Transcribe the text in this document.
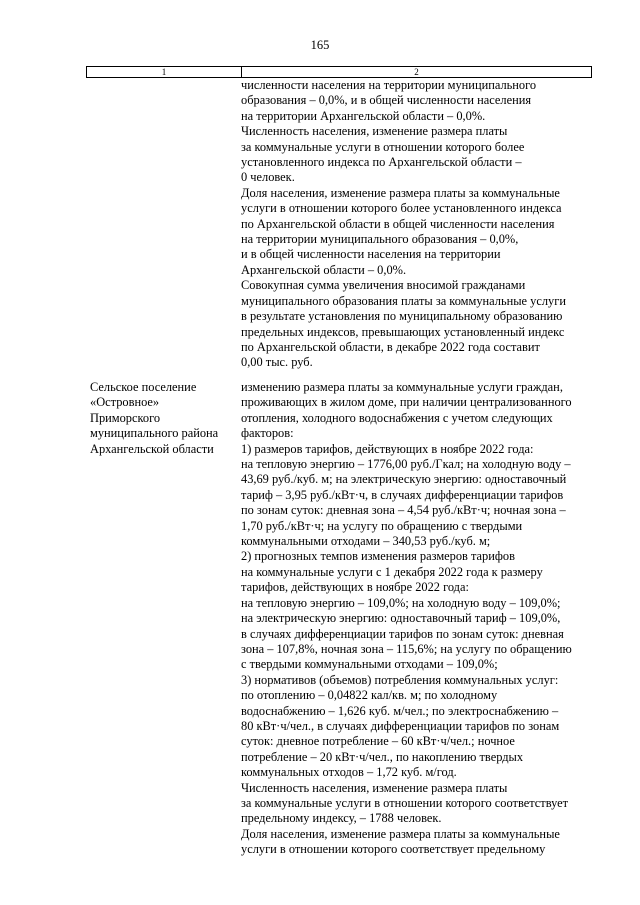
165
1	2
численности населения на территории муниципального
образования – 0,0%, и в общей численности населения
на территории Архангельской области – 0,0%.
Численность населения, изменение размера платы
за коммунальные услуги в отношении которого более
установленного индекса по Архангельской области –
0 человек.
Доля населения, изменение размера платы за коммунальные
услуги в отношении которого более установленного индекса
по Архангельской области в общей численности населения
на территории муниципального образования – 0,0%,
и в общей численности населения на территории
Архангельской области – 0,0%.
Совокупная сумма увеличения вносимой гражданами
муниципального образования платы за коммунальные услуги
в результате установления по муниципальному образованию
предельных индексов, превышающих установленный индекс
по Архангельской области, в декабре 2022 года составит
0,00 тыс. руб.
Сельское поселение
«Островное»
Приморского
муниципального района
Архангельской области
изменению размера платы за коммунальные услуги граждан,
проживающих в жилом доме, при наличии централизованного
отопления, холодного водоснабжения с учетом следующих
факторов:
1) размеров тарифов, действующих в ноябре 2022 года:
на тепловую энергию – 1776,00 руб./Гкал; на холодную воду –
43,69 руб./куб. м; на электрическую энергию: одноставочный
тариф – 3,95 руб./кВт·ч, в случаях дифференциации тарифов
по зонам суток: дневная зона – 4,54 руб./кВт·ч; ночная зона –
1,70 руб./кВт·ч; на услугу по обращению с твердыми
коммунальными отходами – 340,53 руб./куб. м;
2) прогнозных темпов изменения размеров тарифов
на коммунальные услуги с 1 декабря 2022 года к размеру
тарифов, действующих в ноябре 2022 года:
на тепловую энергию – 109,0%; на холодную воду – 109,0%;
на электрическую энергию: одноставочный тариф – 109,0%,
в случаях дифференциации тарифов по зонам суток: дневная
зона – 107,8%, ночная зона – 115,6%; на услугу по обращению
с твердыми коммунальными отходами – 109,0%;
3) нормативов (объемов) потребления коммунальных услуг:
по отоплению – 0,04822 кал/кв. м; по холодному
водоснабжению – 1,626 куб. м/чел.; по электроснабжению –
80 кВт·ч/чел., в случаях дифференциации тарифов по зонам
суток: дневное потребление – 60 кВт·ч/чел.; ночное
потребление – 20 кВт·ч/чел., по накоплению твердых
коммунальных отходов – 1,72 куб. м/год.
Численность населения, изменение размера платы
за коммунальные услуги в отношении которого соответствует
предельному индексу, – 1788 человек.
Доля населения, изменение размера платы за коммунальные
услуги в отношении которого соответствует предельному
